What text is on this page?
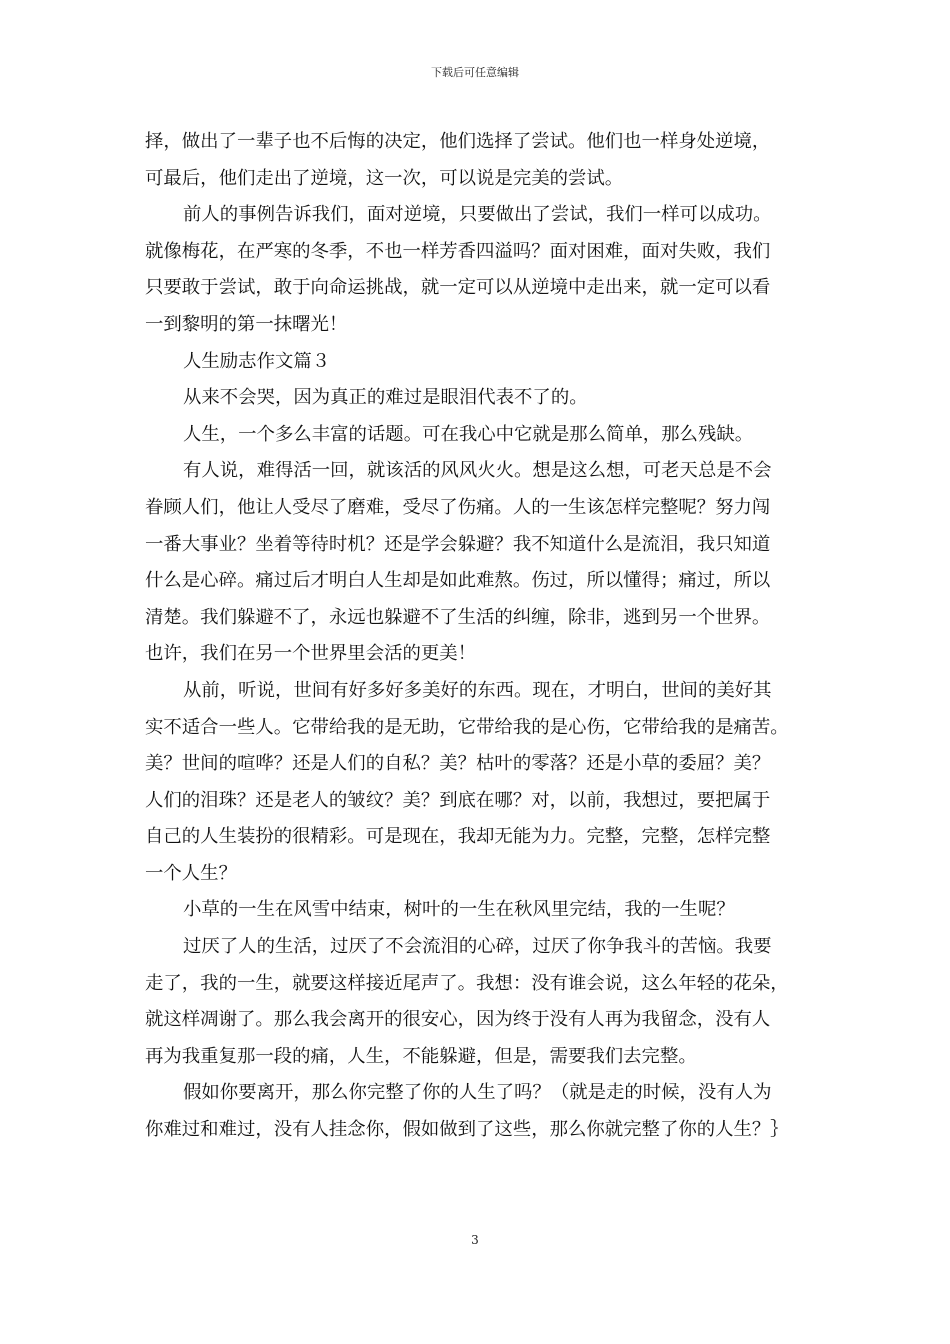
下载后可任意编辑
择，做出了一辈子也不后悔的决定，他们选择了尝试。他们也一样身处逆境，
可最后，他们走出了逆境，这一次，可以说是完美的尝试。
前人的事例告诉我们，面对逆境，只要做出了尝试，我们一样可以成功。
就像梅花，在严寒的冬季，不也一样芳香四溢吗？面对困难，面对失败，我们
只要敢于尝试，敢于向命运挑战，就一定可以从逆境中走出来，就一定可以看
一到黎明的第一抹曙光！
人生励志作文篇３
从来不会哭，因为真正的难过是眼泪代表不了的。
人生，一个多么丰富的话题。可在我心中它就是那么简单，那么残缺。
有人说，难得活一回，就该活的风风火火。想是这么想，可老天总是不会
眷顾人们，他让人受尽了磨难，受尽了伤痛。人的一生该怎样完整呢？努力闯
一番大事业？坐着等待时机？还是学会躲避？我不知道什么是流泪，我只知道
什么是心碎。痛过后才明白人生却是如此难熬。伤过，所以懂得；痛过，所以
清楚。我们躲避不了，永远也躲避不了生活的纠缠，除非，逃到另一个世界。
也许，我们在另一个世界里会活的更美！
从前，听说，世间有好多好多美好的东西。现在，才明白，世间的美好其
实不适合一些人。它带给我的是无助，它带给我的是心伤，它带给我的是痛苦。
美？世间的喧哗？还是人们的自私？美？枯叶的零落？还是小草的委屈？美？
人们的泪珠？还是老人的皱纹？美？到底在哪？对，以前，我想过，要把属于
自己的人生装扮的很精彩。可是现在，我却无能为力。完整，完整，怎样完整
一个人生？
小草的一生在风雪中结束，树叶的一生在秋风里完结，我的一生呢？
过厌了人的生活，过厌了不会流泪的心碎，过厌了你争我斗的苦恼。我要
走了，我的一生，就要这样接近尾声了。我想：没有谁会说，这么年轻的花朵，
就这样凋谢了。那么我会离开的很安心，因为终于没有人再为我留念，没有人
再为我重复那一段的痛，人生，不能躲避，但是，需要我们去完整。
假如你要离开，那么你完整了你的人生了吗？（就是走的时候，没有人为
你难过和难过，没有人挂念你，假如做到了这些，那么你就完整了你的人生？｝
3
